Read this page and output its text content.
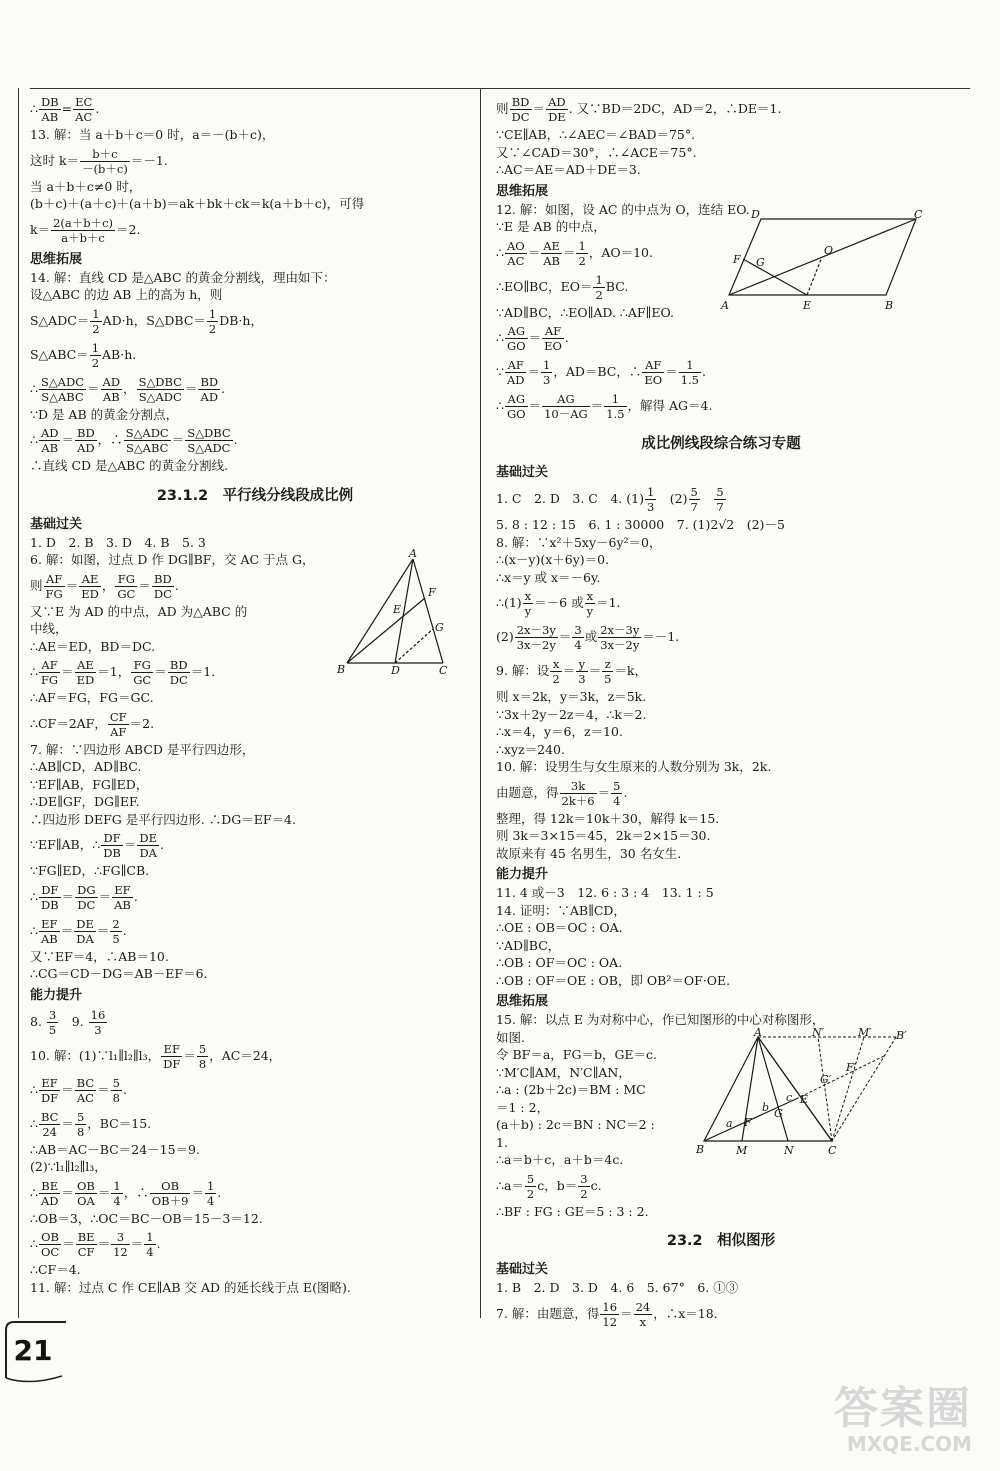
∴ $\frac{DB}{AB} = \frac{EC}{AC}$ .
13. 解：当 a＋b＋c＝0 时，a＝－(b＋c)，
这时 $k= \frac{b+c}{-(b+c)} =-1$.
当 a＋b＋c≠0 时，
(b＋c)＋(a＋c)＋(a＋b)＝ak＋bk＋ck＝k(a＋b＋c)，可得
$k= \frac{2(a+b+c)}{a+b+c} =2$.
思维拓展
14. 解：直线 CD 是△ABC 的黄金分割线，理由如下：
设△ABC 的边 AB 上的高为 h，则
S△ADC＝ $\frac{1}{2} AD\cdot h$，S△DBC＝ $\frac{1}{2} DB\cdot h$，
S△ABC＝ $\frac{1}{2} AB\cdot h$.
∴ S△ADC
S△ABC
＝ $\frac{AD}{AB}$ ， S△DBC
S△ADC
＝ $\frac{BD}{AD}$ .
∵D 是 AB 的黄金分割点，
∴ $\frac{AD}{AB} = \frac{BD}{AD}$ ，∴ S△ADC
S△ABC
＝ S△DBC
S△ADC
.
∴直线 CD 是△ABC 的黄金分割线.
23.1.2　平行线分线段成比例
基础过关
1. D　2. B　3. D　4. B　5. 3
6. 解：如图，过点 D 作 DG∥BF，交 AC 于点 G，
则 $\frac{AF}{FG} = \frac{AE}{ED}$ ， $\frac{FG}{GC} = \frac{BD}{DC}$ .
又∵E 为 AD 的中点，AD 为△ABC 的
中线，
∴AE＝ED，BD＝DC.
∴ $\frac{AF}{FG} = \frac{AE}{ED} =1$， $\frac{FG}{GC} = \frac{BD}{DC} =1$.
∴AF＝FG，FG＝GC.
∴CF＝2AF， $\frac{CF}{AF} =2$.
A
B	C
D
E
F
G
7. 解：∵四边形 ABCD 是平行四边形，
∴AB∥CD，AD∥BC.
∵EF∥AB，FG∥ED，
∴DE∥GF，DG∥EF.
∴四边形 DEFG 是平行四边形. ∴DG＝EF＝4.
∵EF∥AB，∴ $\frac{DF}{DB} = \frac{DE}{DA}$ .
∵FG∥ED，∴FG∥CB.
∴ $\frac{DF}{DB} = \frac{DG}{DC} = \frac{EF}{AB}$ .
∴ $\frac{EF}{AB} = \frac{DE}{DA} = \frac{2}{5}$ .
又∵EF＝4，∴AB＝10.
∴CG＝CD－DG＝AB－EF＝6.
能力提升
8. $\frac{3}{5}$ 　9. $\frac{16}{3}$
10. 解：(1)∵l₁∥l₂∥l₃， $\frac{EF}{DF} = \frac{5}{8}$ ，AC＝24，
∴ $\frac{EF}{DF} = \frac{BC}{AC} = \frac{5}{8}$ .
∴ $\frac{BC}{24} = \frac{5}{8}$ ，BC＝15.
∴AB＝AC－BC＝24－15＝9.
(2)∵l₁∥l₂∥l₃，
∴ $\frac{BE}{AD} = \frac{OB}{OA} = \frac{1}{4}$ ，∴ $\frac{OB}{OB+9} = \frac{1}{4}$ .
∴OB＝3，∴OC＝BC－OB＝15－3＝12.
∴ $\frac{OB}{OC} = \frac{BE}{CF} = \frac{3}{12} = \frac{1}{4}$ .
∴CF＝4.
11. 解：过点 C 作 CE∥AB 交 AD 的延长线于点 E(图略).
则 $\frac{BD}{DC} = \frac{AD}{DE}$ . 又∵BD＝2DC，AD＝2，∴DE＝1.
∵CE∥AB，∴∠AEC＝∠BAD＝75°.
又∵∠CAD＝30°，∴∠ACE＝75°.
∴AC＝AE＝AD＋DE＝3.
思维拓展
12. 解：如图，设 AC 的中点为 O，连结 EO.
∵E 是 AB 的中点，
∴ $\frac{AO}{AC} = \frac{AE}{AB} = \frac{1}{2}$ ，AO＝10.
∴EO∥BC，$EO= \frac{1}{2}$ BC.
∵AD∥BC，∴EO∥AD. ∴AF∥EO.
∴ $\frac{AG}{GO} = \frac{AF}{EO}$ .
∵ $\frac{AF}{AD} = \frac{1}{3}$ ，AD＝BC，∴ $\frac{AF}{EO} = \frac{1}{1.5}$ .
∴ $\frac{AG}{GO} = \frac{AG}{10-AG} = \frac{1}{1.5}$ ，解得 AG＝4.
D	C
B
A	E
F G
O
成比例线段综合练习专题
基础过关
1. C　2. D　3. C　4. $(1) \frac{1}{3}$ 　$(2) \frac{5}{7}$
　 $\frac{5}{7}$
5. 8 : 12 : 15　6. 1 : 30000　7. (1)2√2　(2)－5
8. 解：∵x²＋5xy－6y²＝0，
∴(x－y)(x＋6y)＝0.
∴x＝y 或 x＝－6y.
∴(1) $\frac{x}{y} =-6$ 或 $\frac{x}{y} =1$.
$(2) \frac{2x-3y}{3x-2y} = \frac{3}{4}$ 或 $\frac{2x-3y}{3x-2y} =-1$.
9. 解：设 $\frac{x}{2} = \frac{y}{3} = \frac{z}{5} =k$，
则 x＝2k，y＝3k，z＝5k.
∵3x＋2y－2z＝4，∴k＝2.
∴x＝4，y＝6，z＝10.
∴xyz＝240.
10. 解：设男生与女生原来的人数分别为 3k，2k.
由题意，得 $\frac{3k}{2k+6} = \frac{5}{4}$ .
整理，得 12k＝10k＋30，解得 k＝15.
则 3k＝3×15＝45，2k＝2×15＝30.
故原来有 45 名男生，30 名女生.
能力提升
11. 4 或－3　12. 6 : 3 : 4　13. 1 : 5
14. 证明：∵AB∥CD，
∴OE : OB＝OC : OA.
∵AD∥BC，
∴OB : OF＝OC : OA.
∴OB : OF＝OE : OB，即 OB²＝OF·OE.
思维拓展
15. 解：以点 E 为对称中心，作已知图形的中心对称图形，
如图.
令 BF＝a，FG＝b，GE＝c.
∵M′C∥AM，N′C∥AN，
∴a : (2b＋2c)＝BM : MC
＝1 : 2，
(a＋b) : 2c＝BN : NC＝2 :
1.
∴a＝b＋c，a＋b＝4c.
∴a＝ $\frac{5}{2}$ c，$b= \frac{3}{2} c$.
∴BF : FG : GE＝5 : 3 : 2.
A
B	C
M	N
E
F
G
M′
N′	B′
F′
G′
a
b
c
23.2　相似图形
基础过关
1. B　2. D　3. D　4. 6　5. 67°　6. ①③
7. 解：由题意，得 $\frac{16}{12} = \frac{24}{x}$ ，∴x＝18.
21
答案圈
MXQE.COM
